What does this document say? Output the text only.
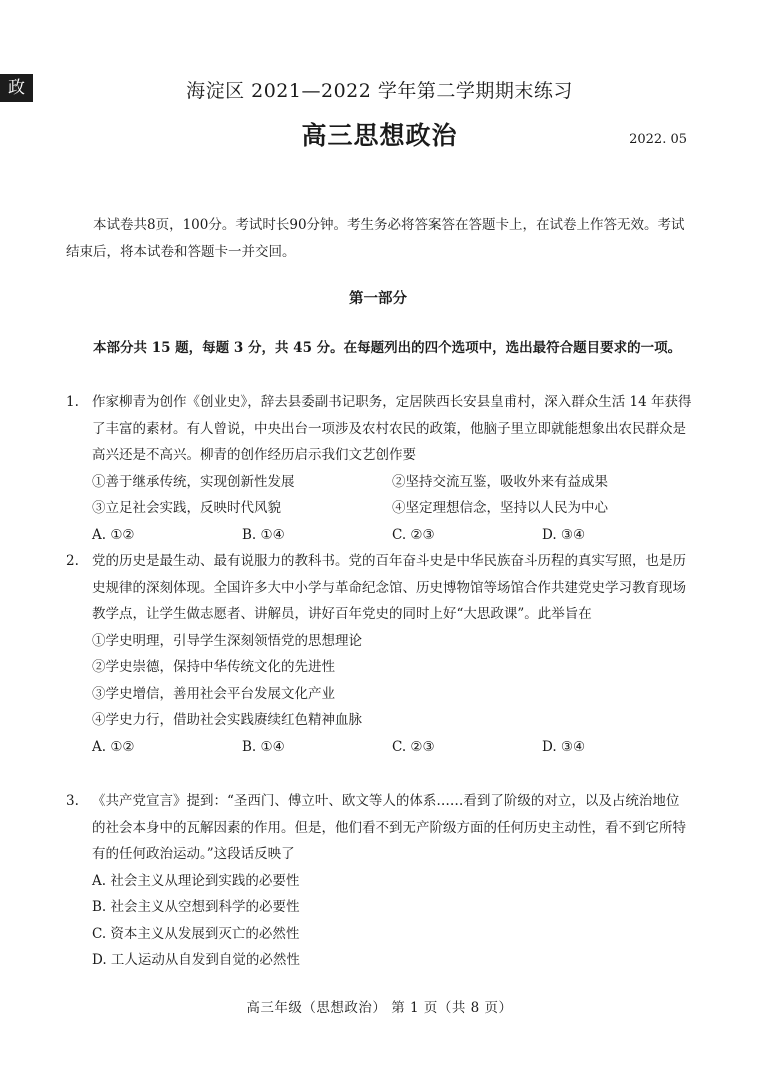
政	海淀区 2021—2022 学年第二学期期末练习
高三思想政治	2022. 05

本试卷共8页，100分。考试时长90分钟。考生务必将答案答在答题卡上，在试卷上作答无效。考试结束后，将本试卷和答题卡一并交回。

第一部分

本部分共 15 题，每题 3 分，共 45 分。在每题列出的四个选项中，选出最符合题目要求的一项。

1. 作家柳青为创作《创业史》，辞去县委副书记职务，定居陕西长安县皇甫村，深入群众生活 14 年获得了丰富的素材。有人曾说，中央出台一项涉及农村农民的政策，他脑子里立即就能想象出农民群众是高兴还是不高兴。柳青的创作经历启示我们文艺创作要
①善于继承传统，实现创新性发展	②坚持交流互鉴，吸收外来有益成果
③立足社会实践，反映时代风貌	④坚定理想信念，坚持以人民为中心
A. ①②	B. ①④	C. ②③	D. ③④
2. 党的历史是最生动、最有说服力的教科书。党的百年奋斗史是中华民族奋斗历程的真实写照，也是历史规律的深刻体现。全国许多大中小学与革命纪念馆、历史博物馆等场馆合作共建党史学习教育现场教学点，让学生做志愿者、讲解员，讲好百年党史的同时上好“大思政课”。此举旨在
①学史明理，引导学生深刻领悟党的思想理论
②学史崇德，保持中华传统文化的先进性
③学史增信，善用社会平台发展文化产业
④学史力行，借助社会实践赓续红色精神血脉
A. ①②	B. ①④	C. ②③	D. ③④
3. 《共产党宣言》提到：“圣西门、傅立叶、欧文等人的体系……看到了阶级的对立，以及占统治地位的社会本身中的瓦解因素的作用。但是，他们看不到无产阶级方面的任何历史主动性，看不到它所特有的任何政治运动。”这段话反映了
A. 社会主义从理论到实践的必要性
B. 社会主义从空想到科学的必要性
C. 资本主义从发展到灭亡的必然性
D. 工人运动从自发到自觉的必然性
高三年级（思想政治） 第 1 页（共 8 页）
